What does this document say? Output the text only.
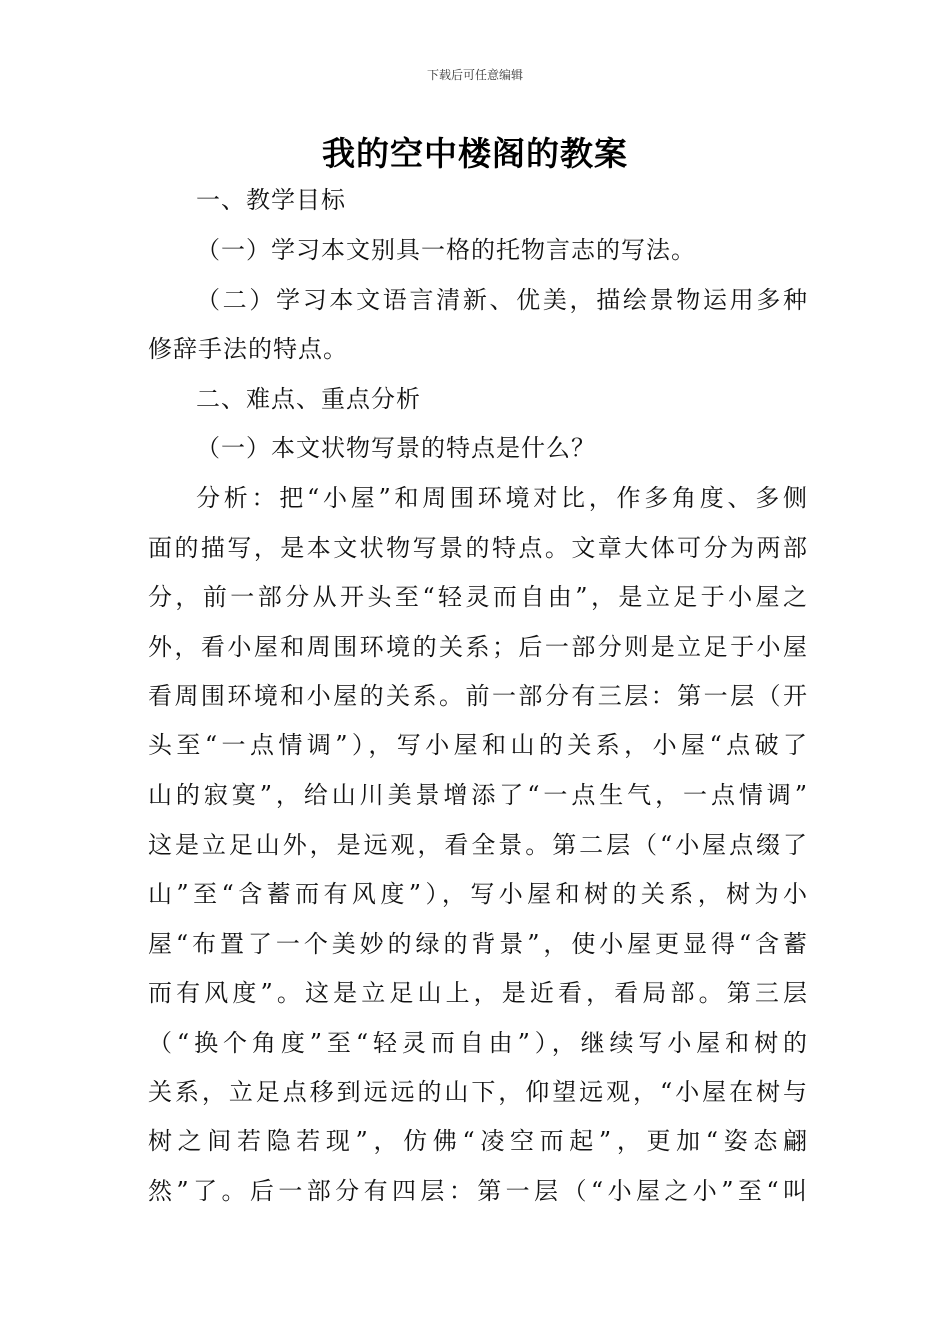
下载后可任意编辑
我的空中楼阁的教案
一、教学目标
（一）学习本文别具一格的托物言志的写法。
（二）学习本文语言清新、优美，描绘景物运用多种
修辞手法的特点。
二、难点、重点分析
（一）本文状物写景的特点是什么？
分析：把“小屋”和周围环境对比，作多角度、多侧
面的描写，是本文状物写景的特点。文章大体可分为两部
分，前一部分从开头至“轻灵而自由”，是立足于小屋之
外，看小屋和周围环境的关系；后一部分则是立足于小屋
看周围环境和小屋的关系。前一部分有三层：第一层（开
头至“一点情调”），写小屋和山的关系，小屋“点破了
山的寂寞”，给山川美景增添了“一点生气，一点情调”
这是立足山外，是远观，看全景。第二层（“小屋点缀了
山”至“含蓄而有风度”），写小屋和树的关系，树为小
屋“布置了一个美妙的绿的背景”，使小屋更显得“含蓄
而有风度”。这是立足山上，是近看，看局部。第三层
（“换个角度”至“轻灵而自由”），继续写小屋和树的
关系，立足点移到远远的山下，仰望远观，“小屋在树与
树之间若隐若现”，仿佛“凌空而起”，更加“姿态翩
然”了。后一部分有四层：第一层（“小屋之小”至“叫
